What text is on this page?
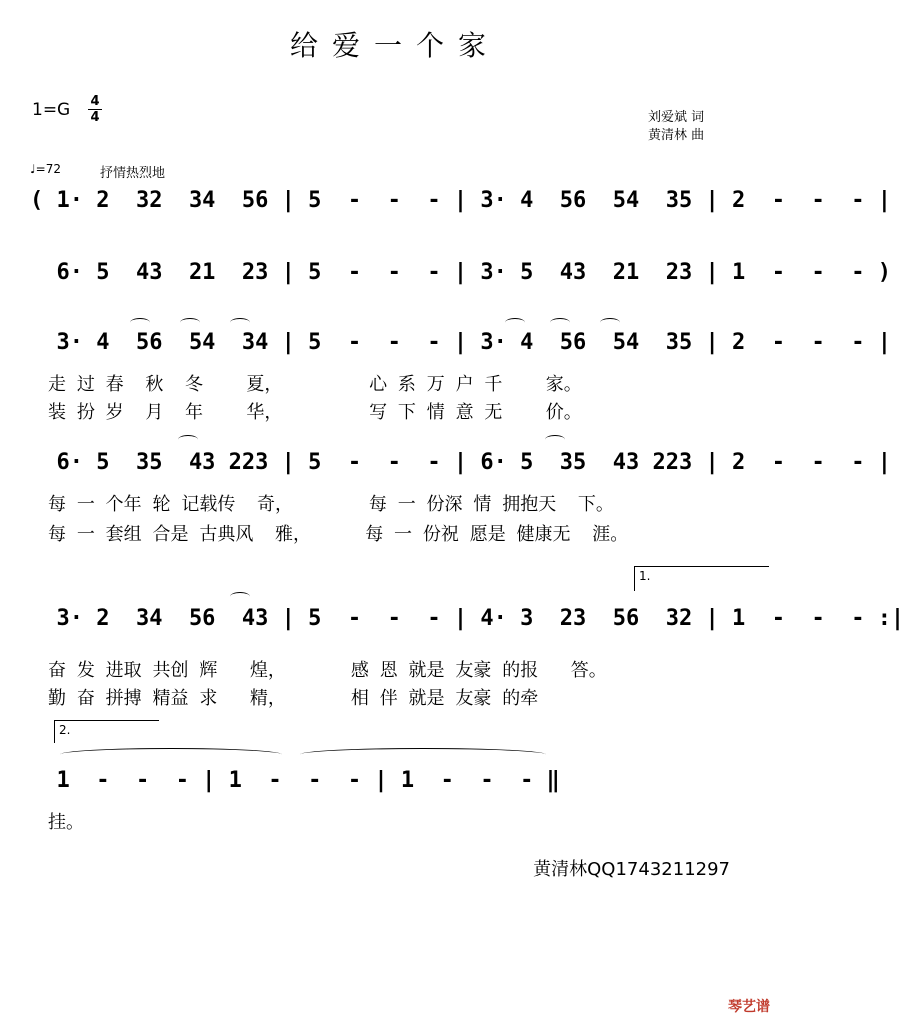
给爱一个家
1=G 4
4	刘爱斌 词
黄清林 曲
♩=72	抒情热烈地
( 1· 2  32  34  56 | 5  -  -  - | 3· 4  56  54  35 | 2  -  -  - |
6· 5  43  21  23 | 5  -  -  - | 3· 5  43  21  23 | 1  -  -  - )
3· 4  56  54  34 | 5  -  -  - | 3· 4  56  54  35 | 2  -  -  - |
走 过 春  秋  冬    夏，        心 系 万 户 千    家。
装 扮 岁  月  年    华，        写 下 情 意 无    价。
6· 5  35  43 223 | 5  -  -  - | 6· 5  35  43 223 | 2  -  -  - |
每 一 个年 轮 记载传  奇，       每 一 份深 情 拥抱天  下。
每 一 套组 合是 古典风  雅，     每 一 份祝 愿是 健康无  涯。
1.
3· 2  34  56  43 | 5  -  -  - | 4· 3  23  56  32 | 1  -  -  - :|
奋 发 进取 共创 辉   煌，      感 恩 就是 友豪 的报   答。
勤 奋 拼搏 精益 求   精，      相 伴 就是 友豪 的牵
2.
1  -  -  - | 1  -  -  - | 1  -  -  - ‖
挂。
黄清林QQ1743211297
琴艺谱
